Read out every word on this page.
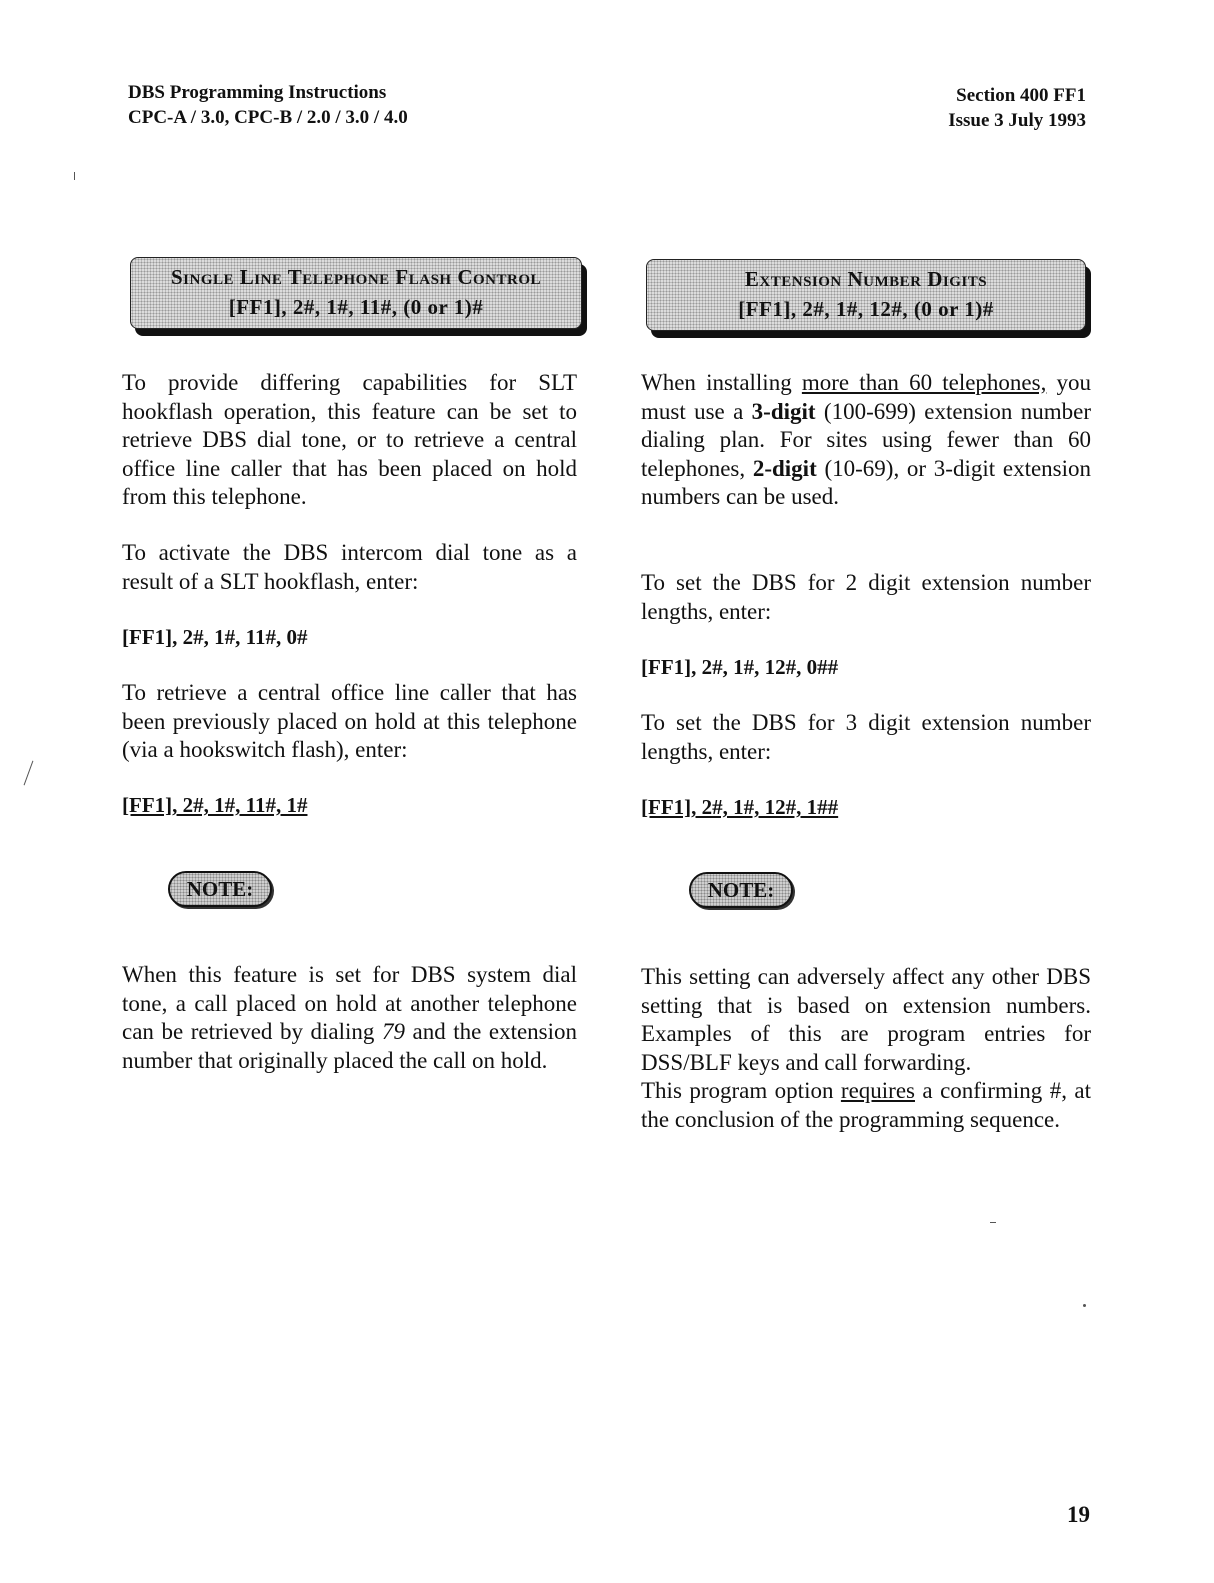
DBS Programming Instructions
CPC-A / 3.0, CPC-B / 2.0 / 3.0 / 4.0
Section 400 FF1
Issue 3 July 1993
Single Line Telephone Flash Control
[FF1], 2#, 1#, 11#, (0 or 1)#
Extension Number Digits
[FF1], 2#, 1#, 12#, (0 or 1)#

To provide differing capabilities for SLT hookflash operation, this feature can be set to retrieve DBS dial tone, or to retrieve a central office line caller that has been placed on hold from this telephone.

To activate the DBS intercom dial tone as a result of a SLT hookflash, enter:

[FF1], 2#, 1#, 11#, 0#

To retrieve a central office line caller that has been previously placed on hold at this telephone (via a hookswitch flash), enter:

[FF1], 2#, 1#, 11#, 1#

NOTE:

When this feature is set for DBS system dial tone, a call placed on hold at another telephone can be retrieved by dialing 79 and the extension number that originally placed the call on hold.

When installing more than 60 telephones, you must use a 3-digit (100-699) extension number dialing plan. For sites using fewer than 60 telephones, 2-digit (10-69), or 3-digit extension numbers can be used.

To set the DBS for 2 digit extension number lengths, enter:

[FF1], 2#, 1#, 12#, 0##

To set the DBS for 3 digit extension number lengths, enter:

[FF1], 2#, 1#, 12#, 1##

NOTE:

This setting can adversely affect any other DBS setting that is based on extension numbers. Examples of this are program entries for DSS/BLF keys and call forwarding.

This program option requires a confirming #, at the conclusion of the programming sequence.

19
